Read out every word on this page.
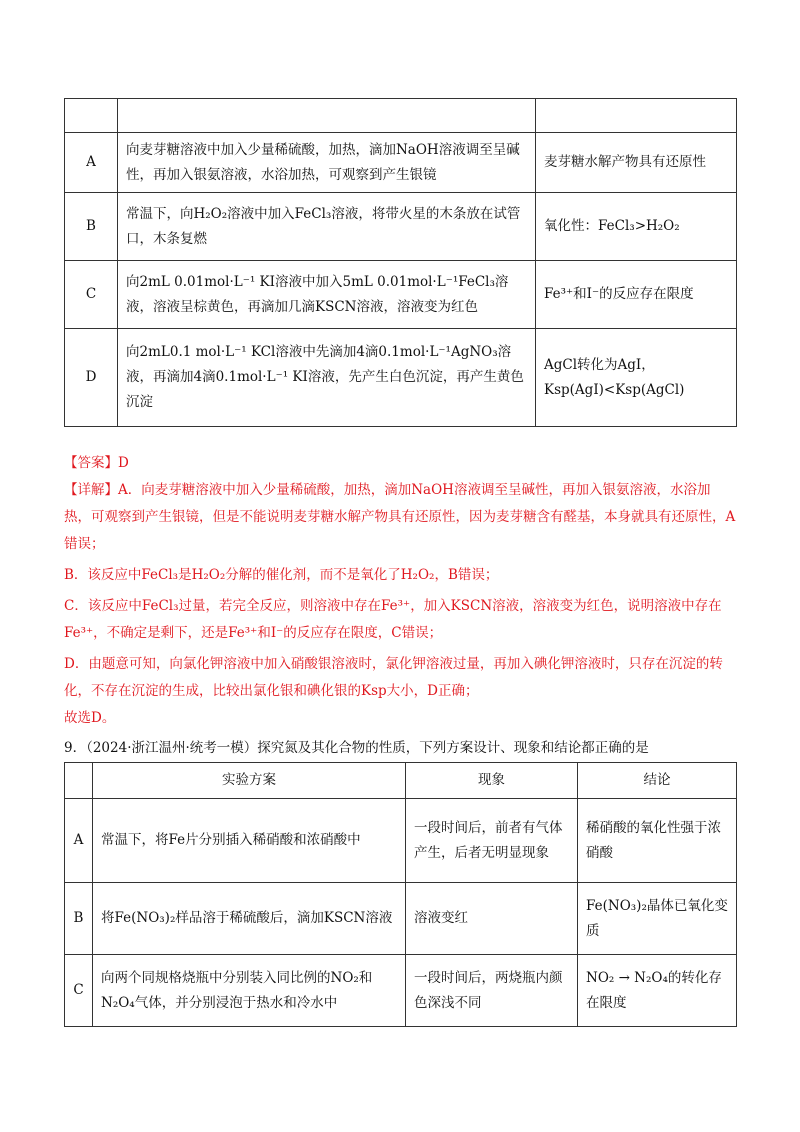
A	向麦芽糖溶液中加入少量稀硫酸，加热，滴加NaOH溶液调至呈碱性，再加入银氨溶液，水浴加热，可观察到产生银镜	麦芽糖水解产物具有还原性
B	常温下，向H₂O₂溶液中加入FeCl₃溶液，将带火星的木条放在试管口，木条复燃	氧化性：FeCl₃>H₂O₂
C	向2mL 0.01mol·L⁻¹ KI溶液中加入5mL 0.01mol·L⁻¹FeCl₃溶液，溶液呈棕黄色，再滴加几滴KSCN溶液，溶液变为红色	Fe³⁺和I⁻的反应存在限度
D	向2mL0.1 mol·L⁻¹ KCl溶液中先滴加4滴0.1mol·L⁻¹AgNO₃溶液，再滴加4滴0.1mol·L⁻¹ KI溶液，先产生白色沉淀，再产生黄色沉淀	AgCl转化为AgI，
Ksp(AgI)<Ksp(AgCl)

【答案】D

【详解】A．向麦芽糖溶液中加入少量稀硫酸，加热，滴加NaOH溶液调至呈碱性，再加入银氨溶液，水浴加热，可观察到产生银镜，但是不能说明麦芽糖水解产物具有还原性，因为麦芽糖含有醛基，本身就具有还原性，A错误；

B．该反应中FeCl₃是H₂O₂分解的催化剂，而不是氧化了H₂O₂，B错误；

C．该反应中FeCl₃过量，若完全反应，则溶液中存在Fe³⁺，加入KSCN溶液，溶液变为红色，说明溶液中存在Fe³⁺，不确定是剩下，还是Fe³⁺和I⁻的反应存在限度，C错误；

D．由题意可知，向氯化钾溶液中加入硝酸银溶液时，氯化钾溶液过量，再加入碘化钾溶液时，只存在沉淀的转化，不存在沉淀的生成，比较出氯化银和碘化银的Ksp大小，D正确；

故选D。

9．（2024·浙江温州·统考一模）探究氮及其化合物的性质，下列方案设计、现象和结论都正确的是
	实验方案	现象	结论
A	常温下，将Fe片分别插入稀硝酸和浓硝酸中	一段时间后，前者有气体产生，后者无明显现象	稀硝酸的氧化性强于浓硝酸
B	将Fe(NO₃)₂样品溶于稀硫酸后，滴加KSCN溶液	溶液变红	Fe(NO₃)₂晶体已氧化变质
C	向两个同规格烧瓶中分别装入同比例的NO₂和N₂O₄气体，并分别浸泡于热水和冷水中	一段时间后，两烧瓶内颜色深浅不同	NO₂ → N₂O₄的转化存在限度
